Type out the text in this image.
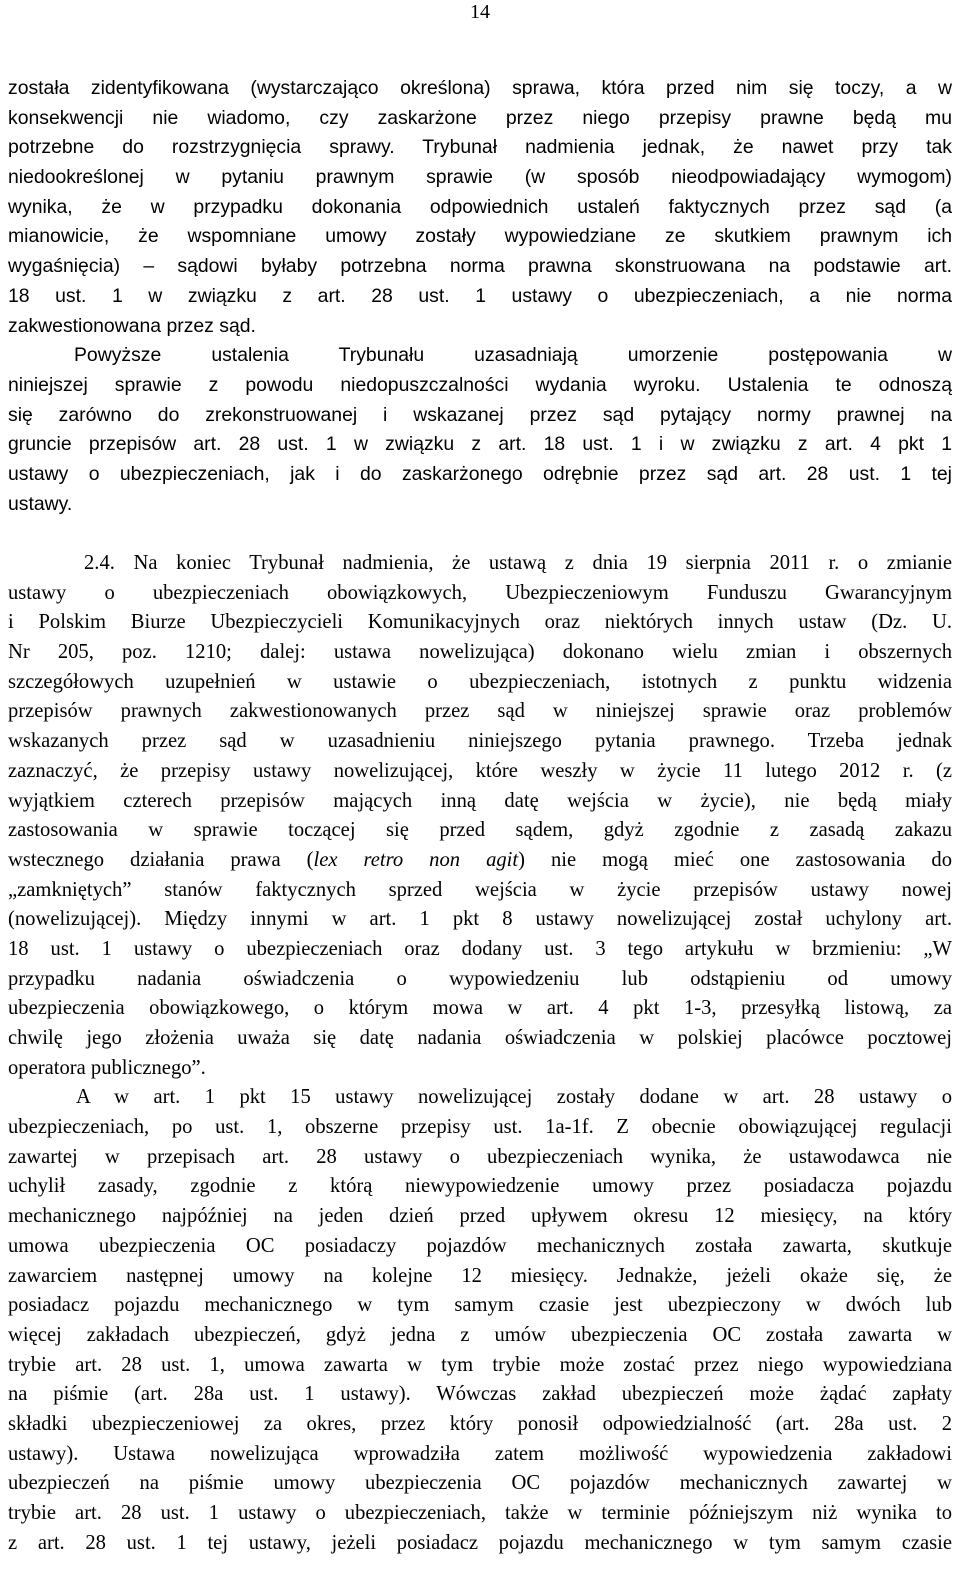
14
została zidentyfikowana (wystarczająco określona) sprawa, która przed nim się toczy, a w
konsekwencji nie wiadomo, czy zaskarżone przez niego przepisy prawne będą mu
potrzebne do rozstrzygnięcia sprawy. Trybunał nadmienia jednak, że nawet przy tak
niedookreślonej w pytaniu prawnym sprawie (w sposób nieodpowiadający wymogom)
wynika, że w przypadku dokonania odpowiednich ustaleń faktycznych przez sąd (a
mianowicie, że wspomniane umowy zostały wypowiedziane ze skutkiem prawnym ich
wygaśnięcia) – sądowi byłaby potrzebna norma prawna skonstruowana na podstawie art.
18 ust. 1 w związku z art. 28 ust. 1 ustawy o ubezpieczeniach, a nie norma
zakwestionowana przez sąd.
Powyższe ustalenia Trybunału uzasadniają umorzenie postępowania w
niniejszej sprawie z powodu niedopuszczalności wydania wyroku. Ustalenia te odnoszą
się zarówno do zrekonstruowanej i wskazanej przez sąd pytający normy prawnej na
gruncie przepisów art. 28 ust. 1 w związku z art. 18 ust. 1 i w związku z art. 4 pkt 1
ustawy o ubezpieczeniach, jak i do zaskarżonego odrębnie przez sąd art. 28 ust. 1 tej
ustawy.
2.4. Na koniec Trybunał nadmienia, że ustawą z dnia 19 sierpnia 2011 r. o zmianie
ustawy o ubezpieczeniach obowiązkowych, Ubezpieczeniowym Funduszu Gwarancyjnym
i Polskim Biurze Ubezpieczycieli Komunikacyjnych oraz niektórych innych ustaw (Dz. U.
Nr 205, poz. 1210; dalej: ustawa nowelizująca) dokonano wielu zmian i obszernych
szczegółowych uzupełnień w ustawie o ubezpieczeniach, istotnych z punktu widzenia
przepisów prawnych zakwestionowanych przez sąd w niniejszej sprawie oraz problemów
wskazanych przez sąd w uzasadnieniu niniejszego pytania prawnego. Trzeba jednak
zaznaczyć, że przepisy ustawy nowelizującej, które weszły w życie 11 lutego 2012 r. (z
wyjątkiem czterech przepisów mających inną datę wejścia w życie), nie będą miały
zastosowania w sprawie toczącej się przed sądem, gdyż zgodnie z zasadą zakazu
wstecznego działania prawa (lex retro non agit) nie mogą mieć one zastosowania do
„zamkniętych” stanów faktycznych sprzed wejścia w życie przepisów ustawy nowej
(nowelizującej). Między innymi w art. 1 pkt 8 ustawy nowelizującej został uchylony art.
18 ust. 1 ustawy o ubezpieczeniach oraz dodany ust. 3 tego artykułu w brzmieniu: „W
przypadku nadania oświadczenia o wypowiedzeniu lub odstąpieniu od umowy
ubezpieczenia obowiązkowego, o którym mowa w art. 4 pkt 1-3, przesyłką listową, za
chwilę jego złożenia uważa się datę nadania oświadczenia w polskiej placówce pocztowej
operatora publicznego”.
A w art. 1 pkt 15 ustawy nowelizującej zostały dodane w art. 28 ustawy o
ubezpieczeniach, po ust. 1, obszerne przepisy ust. 1a-1f. Z obecnie obowiązującej regulacji
zawartej w przepisach art. 28 ustawy o ubezpieczeniach wynika, że ustawodawca nie
uchylił zasady, zgodnie z którą niewypowiedzenie umowy przez posiadacza pojazdu
mechanicznego najpóźniej na jeden dzień przed upływem okresu 12 miesięcy, na który
umowa ubezpieczenia OC posiadaczy pojazdów mechanicznych została zawarta, skutkuje
zawarciem następnej umowy na kolejne 12 miesięcy. Jednakże, jeżeli okaże się, że
posiadacz pojazdu mechanicznego w tym samym czasie jest ubezpieczony w dwóch lub
więcej zakładach ubezpieczeń, gdyż jedna z umów ubezpieczenia OC została zawarta w
trybie art. 28 ust. 1, umowa zawarta w tym trybie może zostać przez niego wypowiedziana
na piśmie (art. 28a ust. 1 ustawy). Wówczas zakład ubezpieczeń może żądać zapłaty
składki ubezpieczeniowej za okres, przez który ponosił odpowiedzialność (art. 28a ust. 2
ustawy). Ustawa nowelizująca wprowadziła zatem możliwość wypowiedzenia zakładowi
ubezpieczeń na piśmie umowy ubezpieczenia OC pojazdów mechanicznych zawartej w
trybie art. 28 ust. 1 ustawy o ubezpieczeniach, także w terminie późniejszym niż wynika to
z art. 28 ust. 1 tej ustawy, jeżeli posiadacz pojazdu mechanicznego w tym samym czasie
